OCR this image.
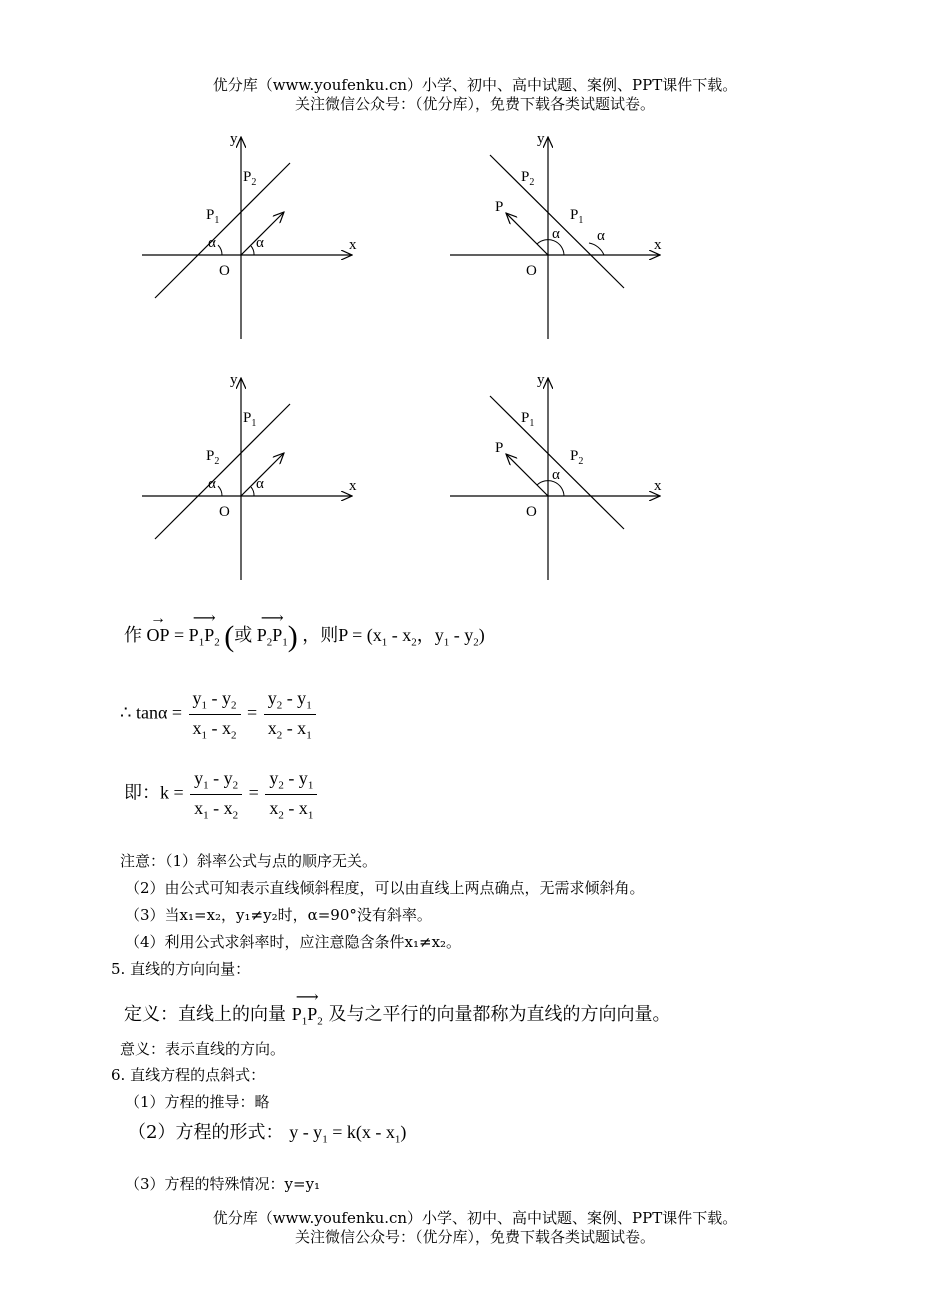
优分库（www.youfenku.cn）小学、初中、高中试题、案例、PPT课件下载。
关注微信公众号：（优分库），免费下载各类试题试卷。
x
y
O
α	α
$P_2$
$P_1$
x
y
O
α α
$P_2$
$P_1$
P
x
y
O
α	α
$P_1$
$P_2$
x
y
O
α
$P_1$
$P_2$
P
作
→
OP =
⟶
$P_1P_2$ (或
⟶
$P_2P_1$) ，则$P = (x_1 - x_2$，$y_1 - y_2$)
∴ $\tan\alpha = \frac{y_1 - y_2}{x_1 - x_2} = \frac{y_2 - y_1}{x_2 - x_1}$
即：$k = \frac{y_1 - y_2}{x_1 - x_2} = \frac{y_2 - y_1}{x_2 - x_1}$
注意：（1）斜率公式与点的顺序无关。
（2）由公式可知表示直线倾斜程度，可以由直线上两点确点，无需求倾斜角。
（3）当x₁=x₂，y₁≠y₂时，α=90°没有斜率。
（4）利用公式求斜率时，应注意隐含条件x₁≠x₂。
5. 直线的方向向量：
定义：直线上的向量
⟶
$P_1P_2$ 及与之平行的向量都称为直线的方向向量。
意义：表示直线的方向。
6. 直线方程的点斜式：
（1）方程的推导：略
（2）方程的形式： $y - y_1 = k(x - x_1)$
（3）方程的特殊情况：y=y₁
优分库（www.youfenku.cn）小学、初中、高中试题、案例、PPT课件下载。
关注微信公众号：（优分库），免费下载各类试题试卷。
